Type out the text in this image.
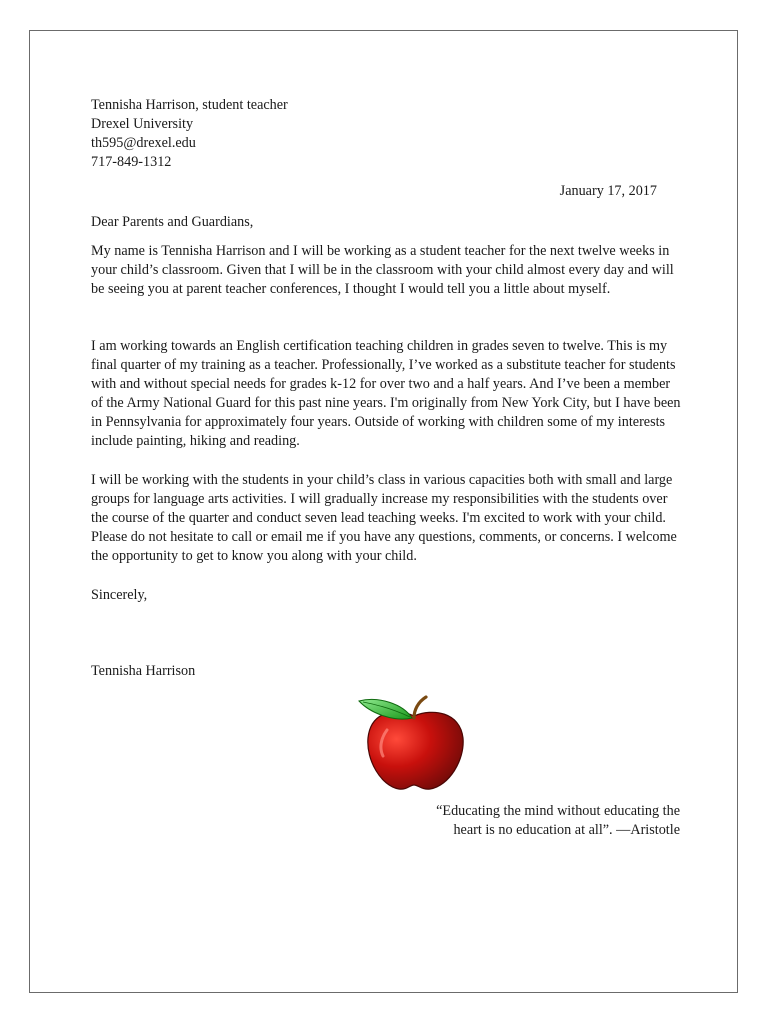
Tennisha Harrison, student teacher
Drexel University
th595@drexel.edu
717-849-1312
January 17, 2017
Dear Parents and Guardians,

My name is Tennisha Harrison and I will be working as a student teacher for the next twelve weeks in your child’s classroom. Given that I will be in the classroom with your child almost every day and will be seeing you at parent teacher conferences, I thought I would tell you a little about myself.

I am working towards an English certification teaching children in grades seven to twelve. This is my final quarter of my training as a teacher. Professionally, I’ve worked as a substitute teacher for students with and without special needs for grades k-12 for over two and a half years. And I’ve been a member of the Army National Guard for this past nine years. I'm originally from New York City, but I have been in Pennsylvania for approximately four years. Outside of working with children some of my interests include painting, hiking and reading.

I will be working with the students in your child’s class in various capacities both with small and large groups for language arts activities. I will gradually increase my responsibilities with the students over the course of the quarter and conduct seven lead teaching weeks. I'm excited to work with your child. Please do not hesitate to call or email me if you have any questions, comments, or concerns. I welcome the opportunity to get to know you along with your child.

Sincerely,
Tennisha Harrison
“Educating the mind without educating the
heart is no education at all”. —Aristotle
